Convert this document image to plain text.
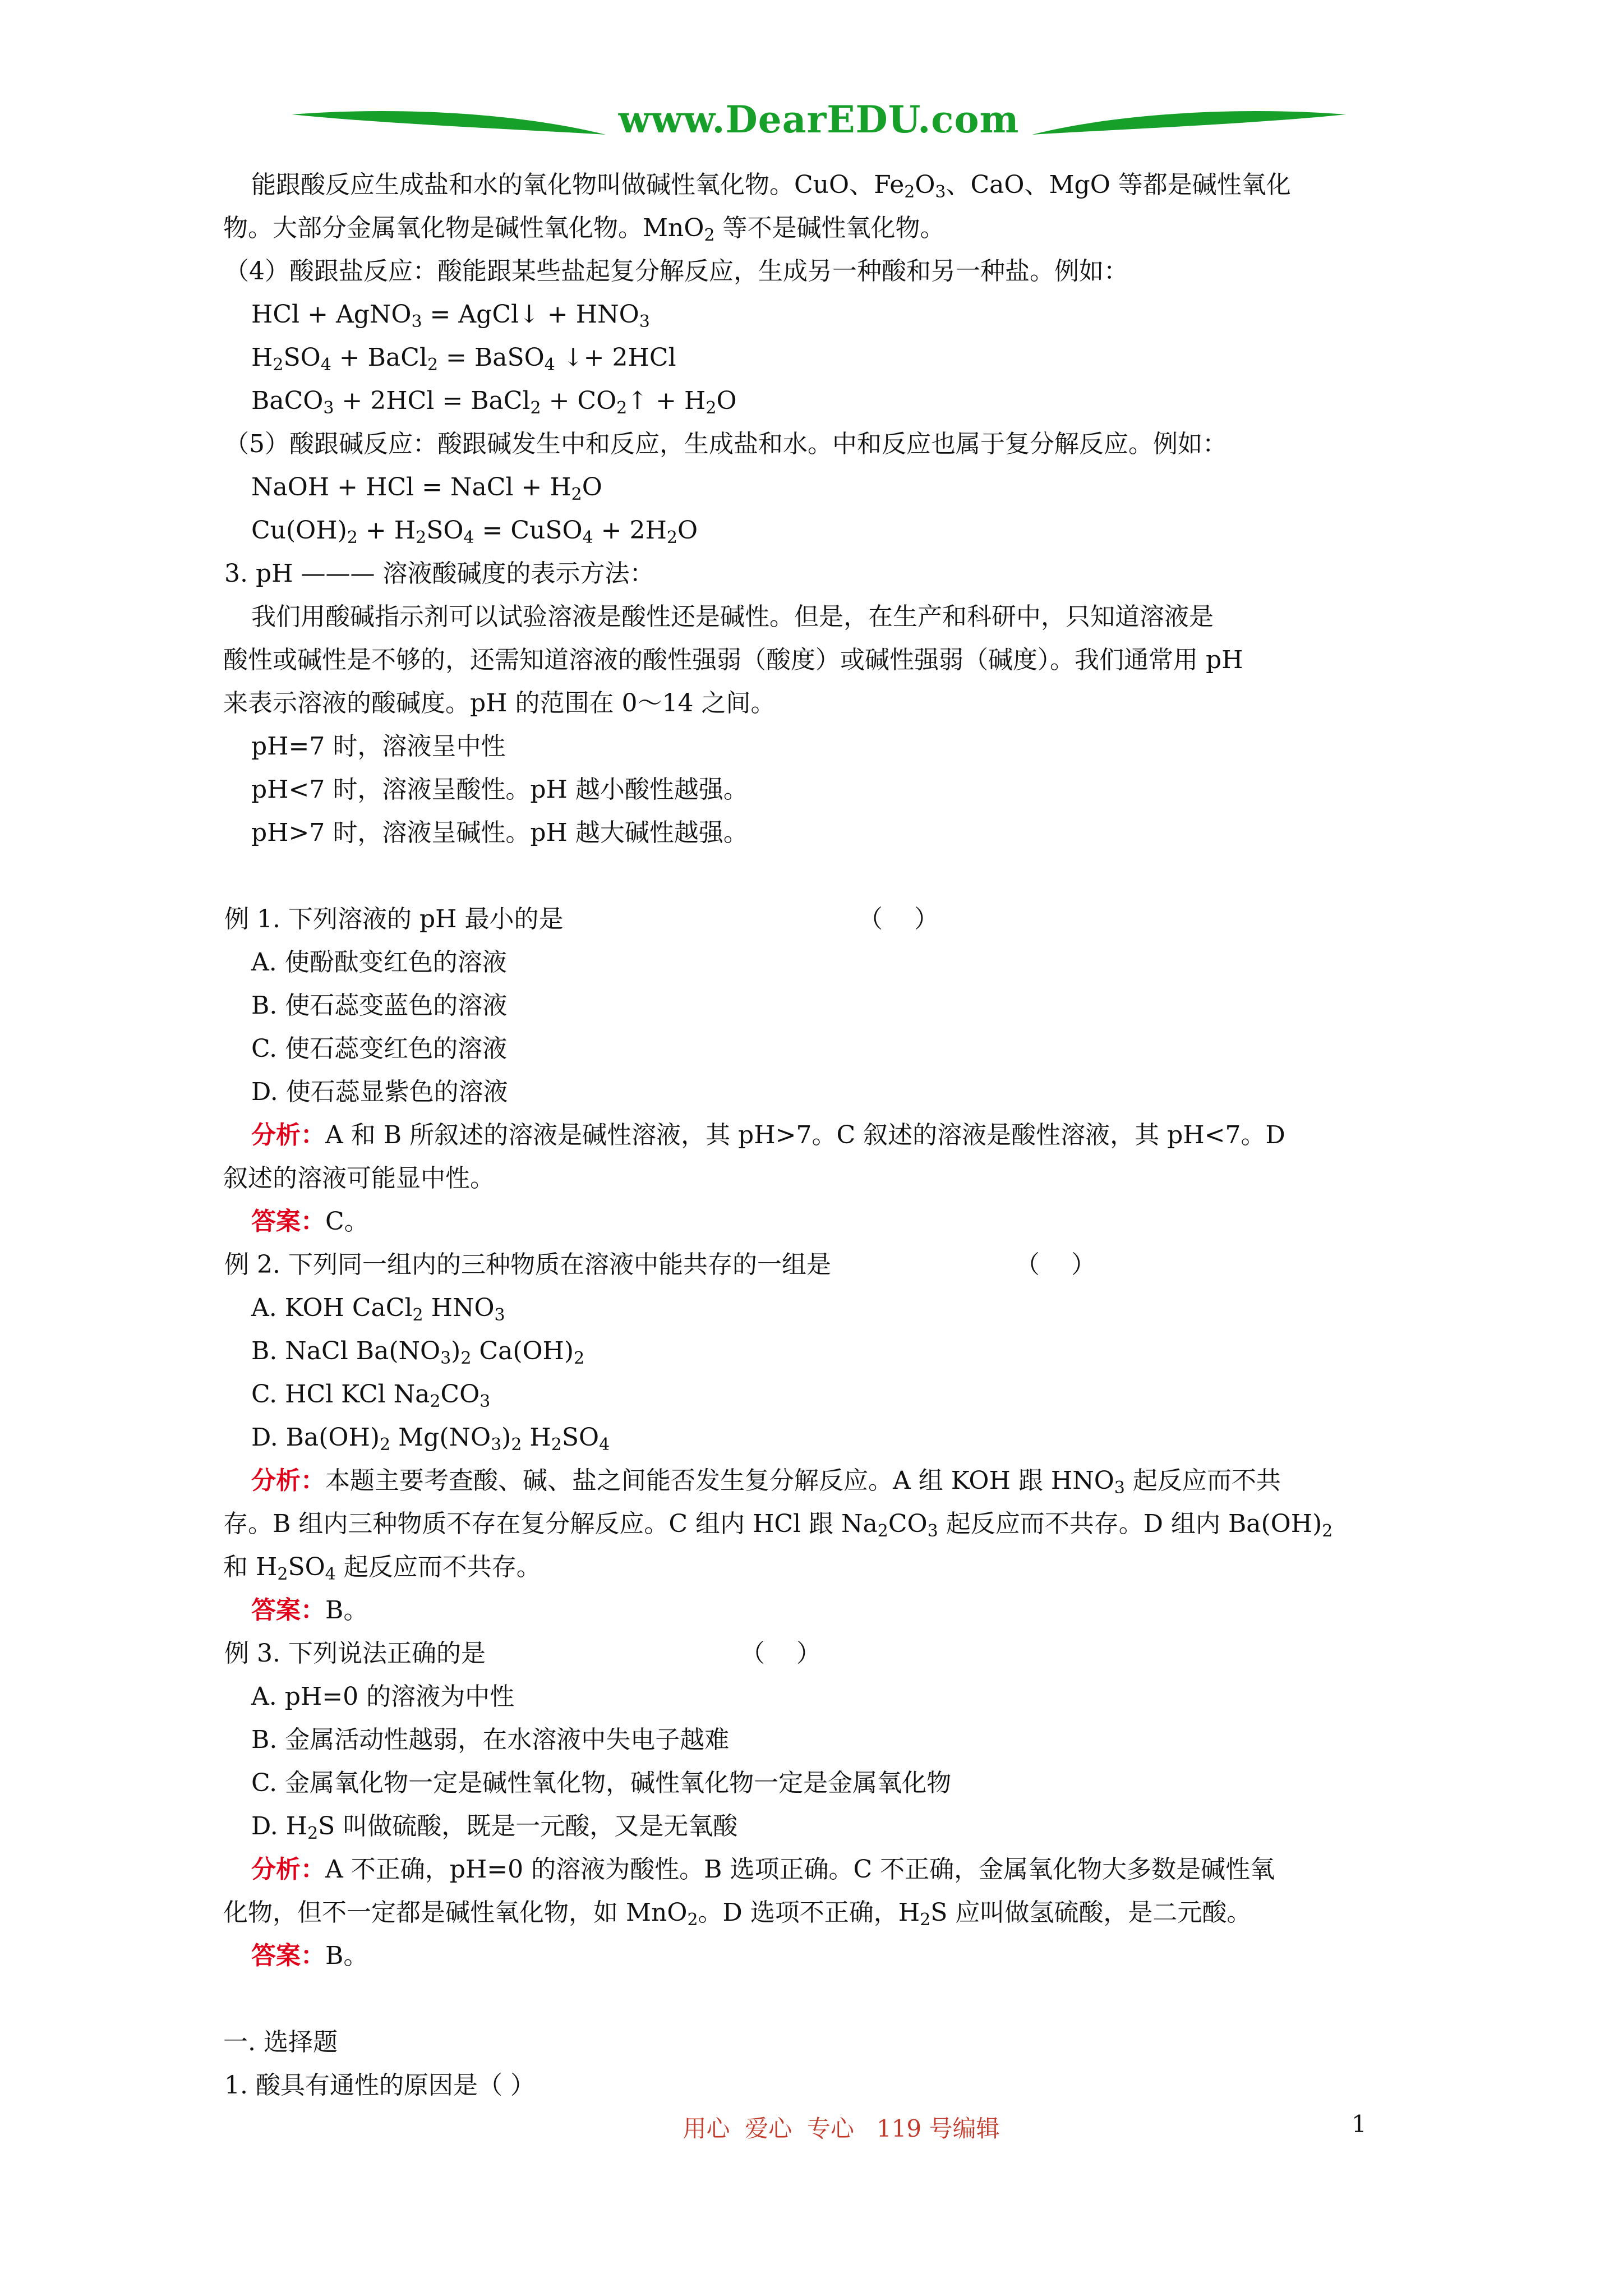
www.DearEDU.com
能跟酸反应生成盐和水的氧化物叫做碱性氧化物。CuO、$Fe_2O_3$、CaO、MgO 等都是碱性氧化
物。大部分金属氧化物是碱性氧化物。MnO$_2$ 等不是碱性氧化物。
（4）酸跟盐反应：酸能跟某些盐起复分解反应，生成另一种酸和另一种盐。例如：
HCl + AgNO$_3$ = AgCl↓ + $HNO_3$
$H_2SO_4$ + BaCl$_2$ = BaSO$_4$ ↓+ 2HCl
BaCO$_3$ + 2HCl = BaCl$_2$ + $CO_2↑ + H_2O$
（5）酸跟碱反应：酸跟碱发生中和反应，生成盐和水。中和反应也属于复分解反应。例如：
NaOH + HCl = NaCl + $H_2O$
$Cu(OH)_2 + H_2SO_4$ = CuSO$_4$ + $2H_2O$
3. pH ——— 溶液酸碱度的表示方法：
我们用酸碱指示剂可以试验溶液是酸性还是碱性。但是，在生产和科研中，只知道溶液是
酸性或碱性是不够的，还需知道溶液的酸性强弱（酸度）或碱性强弱（碱度）。我们通常用 pH
来表示溶液的酸碱度。pH 的范围在 0～14 之间。
pH=7 时，溶液呈中性
pH<7 时，溶液呈酸性。pH 越小酸性越强。
pH>7 时，溶液呈碱性。pH 越大碱性越强。
例 1. 下列溶液的 pH 最小的是	（    ）
A. 使酚酞变红色的溶液
B. 使石蕊变蓝色的溶液
C. 使石蕊变红色的溶液
D. 使石蕊显紫色的溶液
分析：A 和 B 所叙述的溶液是碱性溶液，其 pH>7。C 叙述的溶液是酸性溶液，其 pH<7。D
叙述的溶液可能显中性。
答案：C。
例 2. 下列同一组内的三种物质在溶液中能共存的一组是	（    ）
A. KOH CaCl$_2$ $HNO_3$
B. NaCl $Ba(NO_3)_2$ $Ca(OH)_2$
C. HCl KCl $Na_2CO_3$
D. $Ba(OH)_2$ $Mg(NO_3)_2$ $H_2SO_4$
分析：本题主要考查酸、碱、盐之间能否发生复分解反应。A 组 KOH 跟 $HNO_3$ 起反应而不共
存。B 组内三种物质不存在复分解反应。C 组内 HCl 跟 $Na_2CO_3$ 起反应而不共存。D 组内 $Ba(OH)_2$
和 $H_2SO_4$ 起反应而不共存。
答案：B。
例 3. 下列说法正确的是	（    ）
A. pH=0 的溶液为中性
B. 金属活动性越弱，在水溶液中失电子越难
C. 金属氧化物一定是碱性氧化物，碱性氧化物一定是金属氧化物
D. $H_2S$ 叫做硫酸，既是一元酸，又是无氧酸
分析：A 不正确，pH=0 的溶液为酸性。B 选项正确。C 不正确，金属氧化物大多数是碱性氧
化物，但不一定都是碱性氧化物，如 MnO$_2$。D 选项不正确，$H_2S$ 应叫做氢硫酸，是二元酸。
答案：B。
一. 选择题
1. 酸具有通性的原因是（ ）
用心  爱心  专心   119 号编辑	1
